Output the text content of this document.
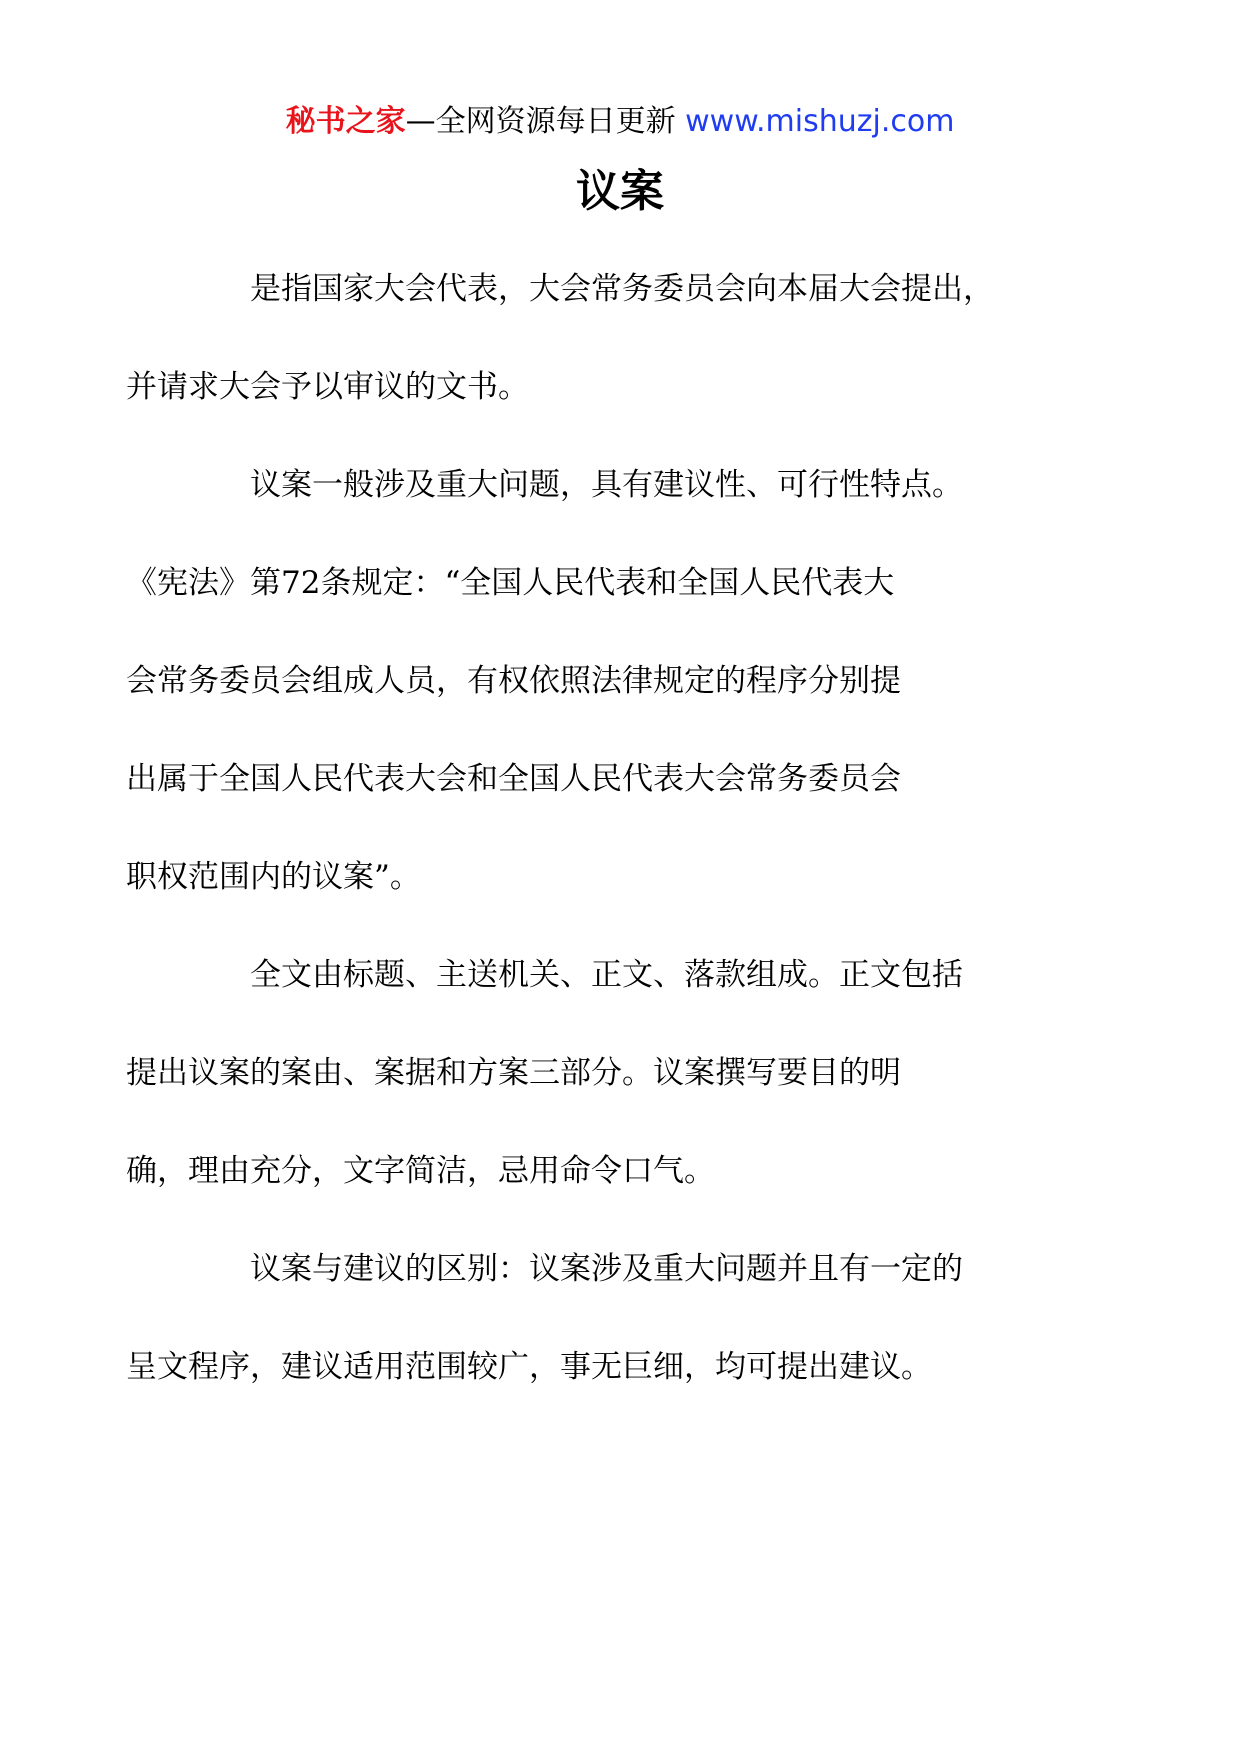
秘书之家—全网资源每日更新 www.mishuzj.com
议案

是指国家大会代表，大会常务委员会向本届大会提出，
并请求大会予以审议的文书。

议案一般涉及重大问题，具有建议性、可行性特点。
《宪法》第72条规定：“全国人民代表和全国人民代表大
会常务委员会组成人员，有权依照法律规定的程序分别提
出属于全国人民代表大会和全国人民代表大会常务委员会
职权范围内的议案”。

全文由标题、主送机关、正文、落款组成。正文包括
提出议案的案由、案据和方案三部分。议案撰写要目的明
确，理由充分，文字简洁，忌用命令口气。

议案与建议的区别：议案涉及重大问题并且有一定的
呈文程序，建议适用范围较广，事无巨细，均可提出建议。
